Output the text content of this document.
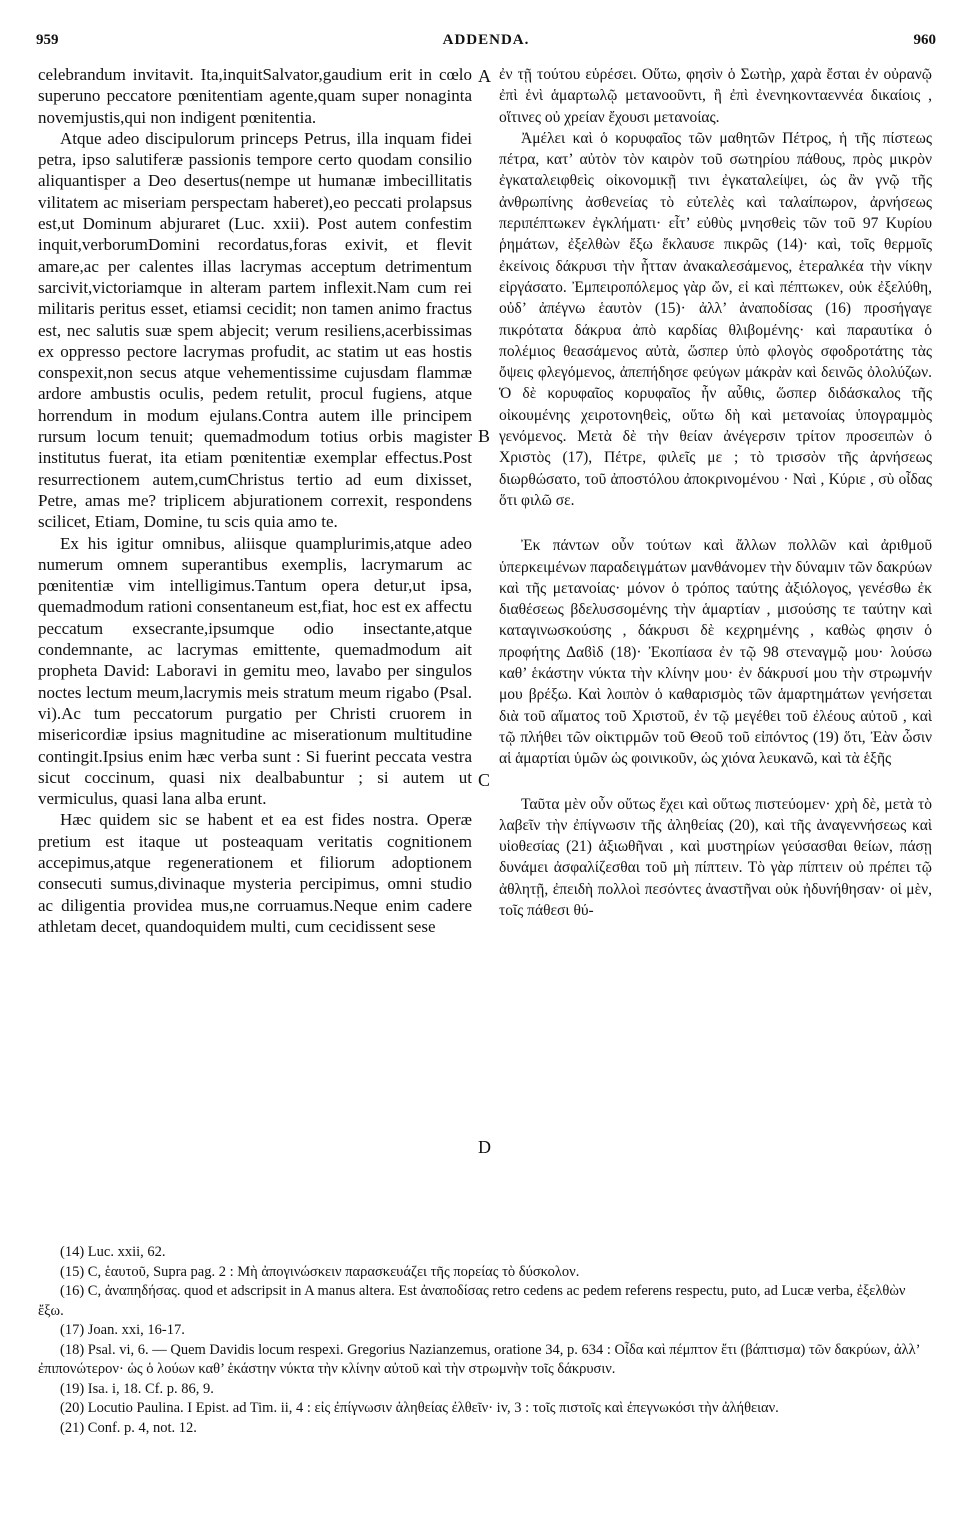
959	ADDENDA.	960

celebrandum invitavit. Ita,inquitSalvator,gaudium erit in cœlo superuno peccatore pœnitentiam agente,quam super nonaginta novemjustis,qui non indigent pœnitentia.

Atque adeo discipulorum princeps Petrus, illa inquam fidei petra, ipso salutiferæ passionis tempore certo quodam consilio aliquantisper a Deo desertus(nempe ut humanæ imbecillitatis vilitatem ac miseriam perspectam haberet),eo peccati prolapsus est,ut Dominum abjuraret (Luc. xxii). Post autem confestim inquit,verborumDomini recordatus,foras exivit, et flevit amare,ac per calentes illas lacrymas acceptum detrimentum sarcivit,victoriamque in alteram partem inflexit.Nam cum rei militaris peritus esset, etiamsi cecidit; non tamen animo fractus est, nec salutis suæ spem abjecit; verum resiliens,acerbissimas ex oppresso pectore lacrymas profudit, ac statim ut eas hostis conspexit,non secus atque vehementissime cujusdam flammæ ardore ambustis oculis, pedem retulit, procul fugiens, atque horrendum in modum ejulans.Contra autem ille principem rursum locum tenuit; quemadmodum totius orbis magister institutus fuerat, ita etiam pœnitentiæ exemplar effectus.Post resurrectionem autem,cumChristus tertio ad eum dixisset, Petre, amas me? triplicem abjurationem correxit, respondens scilicet, Etiam, Domine, tu scis quia amo te.

Ex his igitur omnibus, aliisque quamplurimis,atque adeo numerum omnem superantibus exemplis, lacrymarum ac pœnitentiæ vim intelligimus.Tantum opera detur,ut ipsa, quemadmodum rationi consentaneum est,fiat, hoc est ex affectu peccatum exsecrante,ipsumque odio insectante,atque condemnante, ac lacrymas emittente, quemadmodum ait propheta David: Laboravi in gemitu meo, lavabo per singulos noctes lectum meum,lacrymis meis stratum meum rigabo (Psal. vi).Ac tum peccatorum purgatio per Christi cruorem in misericordiæ ipsius magnitudine ac miserationum multitudine contingit.Ipsius enim hæc verba sunt : Si fuerint peccata vestra sicut coccinum, quasi nix dealbabuntur ; si autem ut vermiculus, quasi lana alba erunt.

Hæc quidem sic se habent et ea est fides nostra. Operæ pretium est itaque ut posteaquam veritatis cognitionem accepimus,atque regenerationem et filiorum adoptionem consecuti sumus,divinaque mysteria percipimus, omni studio ac diligentia providea mus,ne corruamus.Neque enim cadere athletam decet, quandoquidem multi, cum cecidissent sese

A
B
C
D

ἐν τῇ τούτου εὑρέσει. Οὕτω, φησὶν ὁ Σωτὴρ, χαρὰ ἔσται ἐν οὐρανῷ ἐπὶ ἑνὶ ἁμαρτωλῷ μετανοοῦντι, ἢ ἐπὶ ἐνενηκονταεννέα δικαίοις , οἵτινες οὐ χρείαν ἔχουσι μετανοίας.

Ἀμέλει καὶ ὁ κορυφαῖος τῶν μαθητῶν Πέτρος, ἡ τῆς πίστεως πέτρα, κατ’ αὐτὸν τὸν καιρὸν τοῦ σωτηρίου πάθους, πρὸς μικρὸν ἐγκαταλειφθεὶς οἰκονομικῇ τινι ἐγκαταλείψει, ὡς ἂν γνῷ τῆς ἀνθρωπίνης ἀσθενείας τὸ εὐτελὲς καὶ ταλαίπωρον, ἀρνήσεως περιπέπτωκεν ἐγκλήματι· εἶτ’ εὐθὺς μνησθεὶς τῶν τοῦ 97 Κυρίου ῥημάτων, ἐξελθὼν ἔξω ἔκλαυσε πικρῶς (14)· καὶ, τοῖς θερμοῖς ἐκείνοις δάκρυσι τὴν ἧτταν ἀνακαλεσάμενος, ἑτεραλκέα τὴν νίκην εἰργάσατο. Ἐμπειροπόλεμος γὰρ ὤν, εἰ καὶ πέπτωκεν, οὐκ ἐξελύθη, οὐδ’ ἀπέγνω ἑαυτὸν (15)· ἀλλ’ ἀναποδίσας (16) προσήγαγε πικρότατα δάκρυα ἀπὸ καρδίας θλιβομένης· καὶ παραυτίκα ὁ πολέμιος θεασάμενος αὐτὰ, ὥσπερ ὑπὸ φλογὸς σφοδροτάτης τὰς ὄψεις φλεγόμενος, ἀπεπήδησε φεύγων μάκρὰν καὶ δεινῶς ὀλολύζων. Ὁ δὲ κορυφαῖος κορυφαῖος ἦν αὖθις, ὥσπερ διδάσκαλος τῆς οἰκουμένης χειροτονηθεὶς, οὕτω δὴ καὶ μετανοίας ὑπογραμμὸς γενόμενος. Μετὰ δὲ τὴν θείαν ἀνέγερσιν τρίτον προσειπὼν ὁ Χριστὸς (17), Πέτρε, φιλεῖς με ; τὸ τρισσὸν τῆς ἀρνήσεως διωρθώσατο, τοῦ ἀποστόλου ἀποκρινομένου · Ναὶ , Κύριε , σὺ οἶδας ὅτι φιλῶ σε.

Ἐκ πάντων οὖν τούτων καὶ ἄλλων πολλῶν καὶ ἀριθμοῦ ὑπερκειμένων παραδειγμάτων μανθάνομεν τὴν δύναμιν τῶν δακρύων καὶ τῆς μετανοίας· μόνον ὁ τρόπος ταύτης ἀξιόλογος, γενέσθω ἐκ διαθέσεως βδελυσσομένης τὴν ἁμαρτίαν , μισούσης τε ταύτην καὶ καταγινωσκούσης , δάκρυσι δὲ κεχρημένης , καθὼς φησιν ὁ προφήτης Δαϐὶδ (18)· Ἐκοπίασα ἐν τῷ 98 στεναγμῷ μου· λούσω καθ’ ἑκάστην νύκτα τὴν κλίνην μου· ἐν δάκρυσί μου τὴν στρωμνήν μου βρέξω. Καὶ λοιπὸν ὁ καθαρισμὸς τῶν ἁμαρτημάτων γενήσεται διὰ τοῦ αἵματος τοῦ Χριστοῦ, ἐν τῷ μεγέθει τοῦ ἐλέους αὐτοῦ , καὶ τῷ πλήθει τῶν οἰκτιρμῶν τοῦ Θεοῦ τοῦ εἰπόντος (19) ὅτι, Ἐὰν ὦσιν αἱ ἁμαρτίαι ὑμῶν ὡς φοινικοῦν, ὡς χιόνα λευκανῶ, καὶ τὰ ἑξῆς

Ταῦτα μὲν οὖν οὕτως ἔχει καὶ οὕτως πιστεύομεν· χρὴ δὲ, μετὰ τὸ λαβεῖν τὴν ἐπίγνωσιν τῆς ἀληθείας (20), καὶ τῆς ἀναγεννήσεως καὶ υἱοθεσίας (21) ἀξιωθῆναι , καὶ μυστηρίων γεύσασθαι θείων, πάσῃ δυνάμει ἀσφαλίζεσθαι τοῦ μὴ πίπτειν. Τὸ γὰρ πίπτειν οὐ πρέπει τῷ ἀθλητῇ, ἐπειδὴ πολλοὶ πεσόντες ἀναστῆναι οὐκ ἠδυνήθησαν· οἱ μὲν, τοῖς πάθεσι θύ-

(14) Luc. xxii, 62.

(15) C, ἑαυτοῦ, Supra pag. 2 : Μὴ ἀπογινώσκειν παρασκευάζει τῆς πορείας τὸ δύσκολον.

(16) C, ἀναπηδήσας. quod et adscripsit in A manus altera. Est ἀναποδίσας retro cedens ac pedem referens respectu, puto, ad Lucæ verba, ἐξελθὼν ἔξω.

(17) Joan. xxi, 16-17.

(18) Psal. vi, 6. — Quem Davidis locum respexi. Gregorius Nazianzemus, oratione 34, p. 634 : Οἶδα καὶ πέμπτον ἔτι (βάπτισμα) τῶν δακρύων, ἀλλ’ ἐπιπονώτερον· ὡς ὁ λούων καθ’ ἑκάστην νύκτα τὴν κλίνην αὐτοῦ καὶ τὴν στρωμνὴν τοῖς δάκρυσιν.

(19) Isa. i, 18. Cf. p. 86, 9.

(20) Locutio Paulina. I Epist. ad Tim. ii, 4 : εἰς ἐπίγνωσιν ἀληθείας ἐλθεῖν· iv, 3 : τοῖς πιστοῖς καὶ ἐπεγνωκόσι τὴν ἀλήθειαν.

(21) Conf. p. 4, not. 12.
